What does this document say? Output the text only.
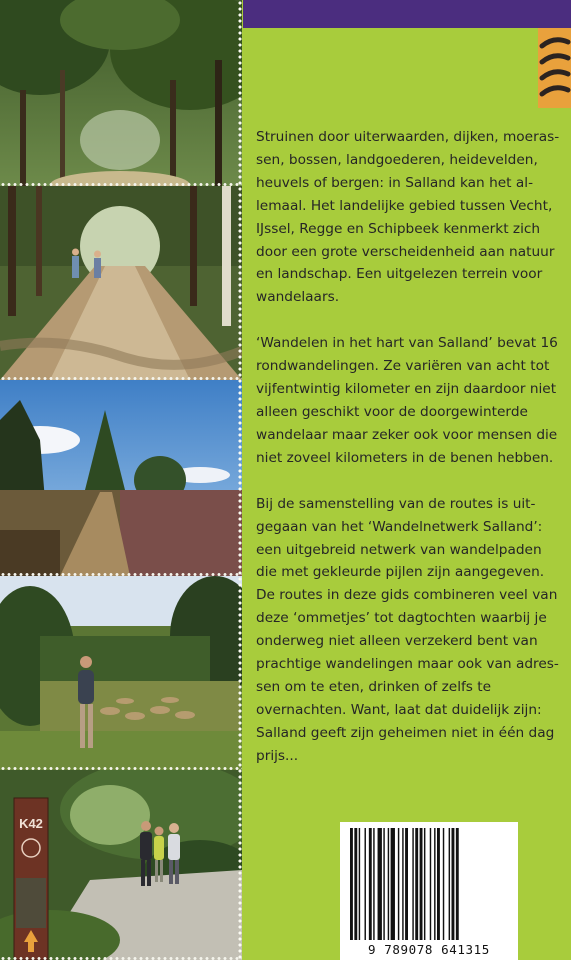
K42

Struinen door uiterwaarden, dijken, moerassen, bossen, landgoederen, heidevelden, heuvels of bergen: in Salland kan het allemaal. Het landelijke gebied tussen Vecht, IJssel, Regge en Schipbeek kenmerkt zich door een grote verscheidenheid aan natuur en landschap. Een uitgelezen terrein voor wandelaars.

‘Wandelen in het hart van Salland’ bevat 16 rondwandelingen. Ze variëren van acht tot vijfentwintig kilometer en zijn daardoor niet alleen geschikt voor de doorgewinterde wandelaar maar zeker ook voor mensen die niet zoveel kilometers in de benen hebben.

Bij de samenstelling van de routes is uitgegaan van het ‘Wandelnetwerk Salland’: een uitgebreid netwerk van wandelpaden die met gekleurde pijlen zijn aangegeven. De routes in deze gids combineren veel van deze ‘ommetjes’ tot dagtochten waarbij je onderweg niet alleen verzekerd bent van prachtige wandelingen maar ook van adressen om te eten, drinken of zelfs te overnachten. Want, laat dat duidelijk zijn: Salland geeft zijn geheimen niet in één dag prijs...

9 789078 641315
